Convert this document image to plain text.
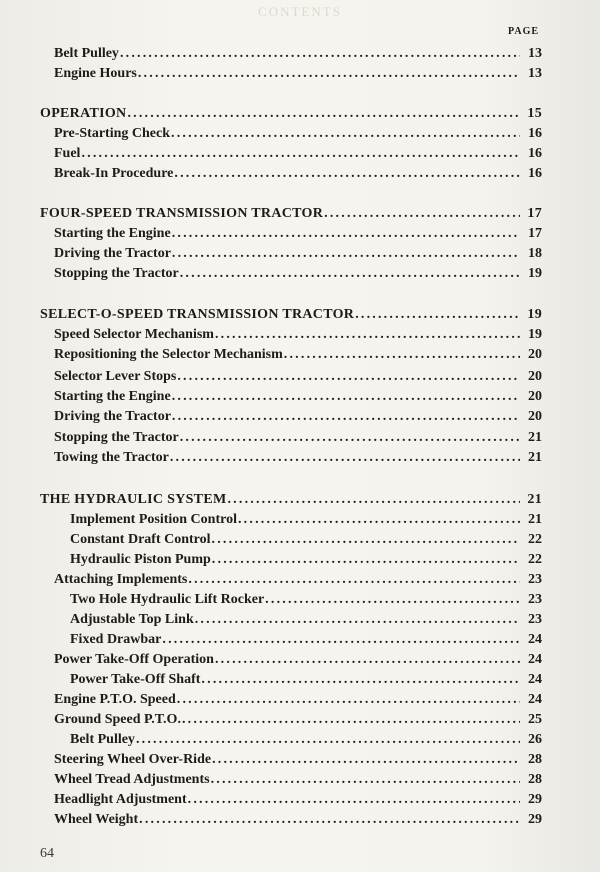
CONTENTS
PAGE
Belt Pulley .....	13
Engine Hours .....	13
OPERATION .....	15
Pre-Starting Check .....	16
Fuel .....	16
Break-In Procedure .....	16
FOUR-SPEED TRANSMISSION TRACTOR .....	17
Starting the Engine .....	17
Driving the Tractor .....	18
Stopping the Tractor .....	19
SELECT-O-SPEED TRANSMISSION TRACTOR .....	19
Speed Selector Mechanism .....	19
Repositioning the Selector Mechanism .....	20
Selector Lever Stops .....	20
Starting the Engine .....	20
Driving the Tractor .....	20
Stopping the Tractor .....	21
Towing the Tractor .....	21
THE HYDRAULIC SYSTEM .....	21
Implement Position Control .....	21
Constant Draft Control .....	22
Hydraulic Piston Pump .....	22
Attaching Implements .....	23
Two Hole Hydraulic Lift Rocker .....	23
Adjustable Top Link .....	23
Fixed Drawbar .....	24
Power Take-Off Operation .....	24
Power Take-Off Shaft .....	24
Engine P.T.O. Speed .....	24
Ground Speed P.T.O. .....	25
Belt Pulley .....	26
Steering Wheel Over-Ride .....	28
Wheel Tread Adjustments .....	28
Headlight Adjustment .....	29
Wheel Weight .....	29
64
